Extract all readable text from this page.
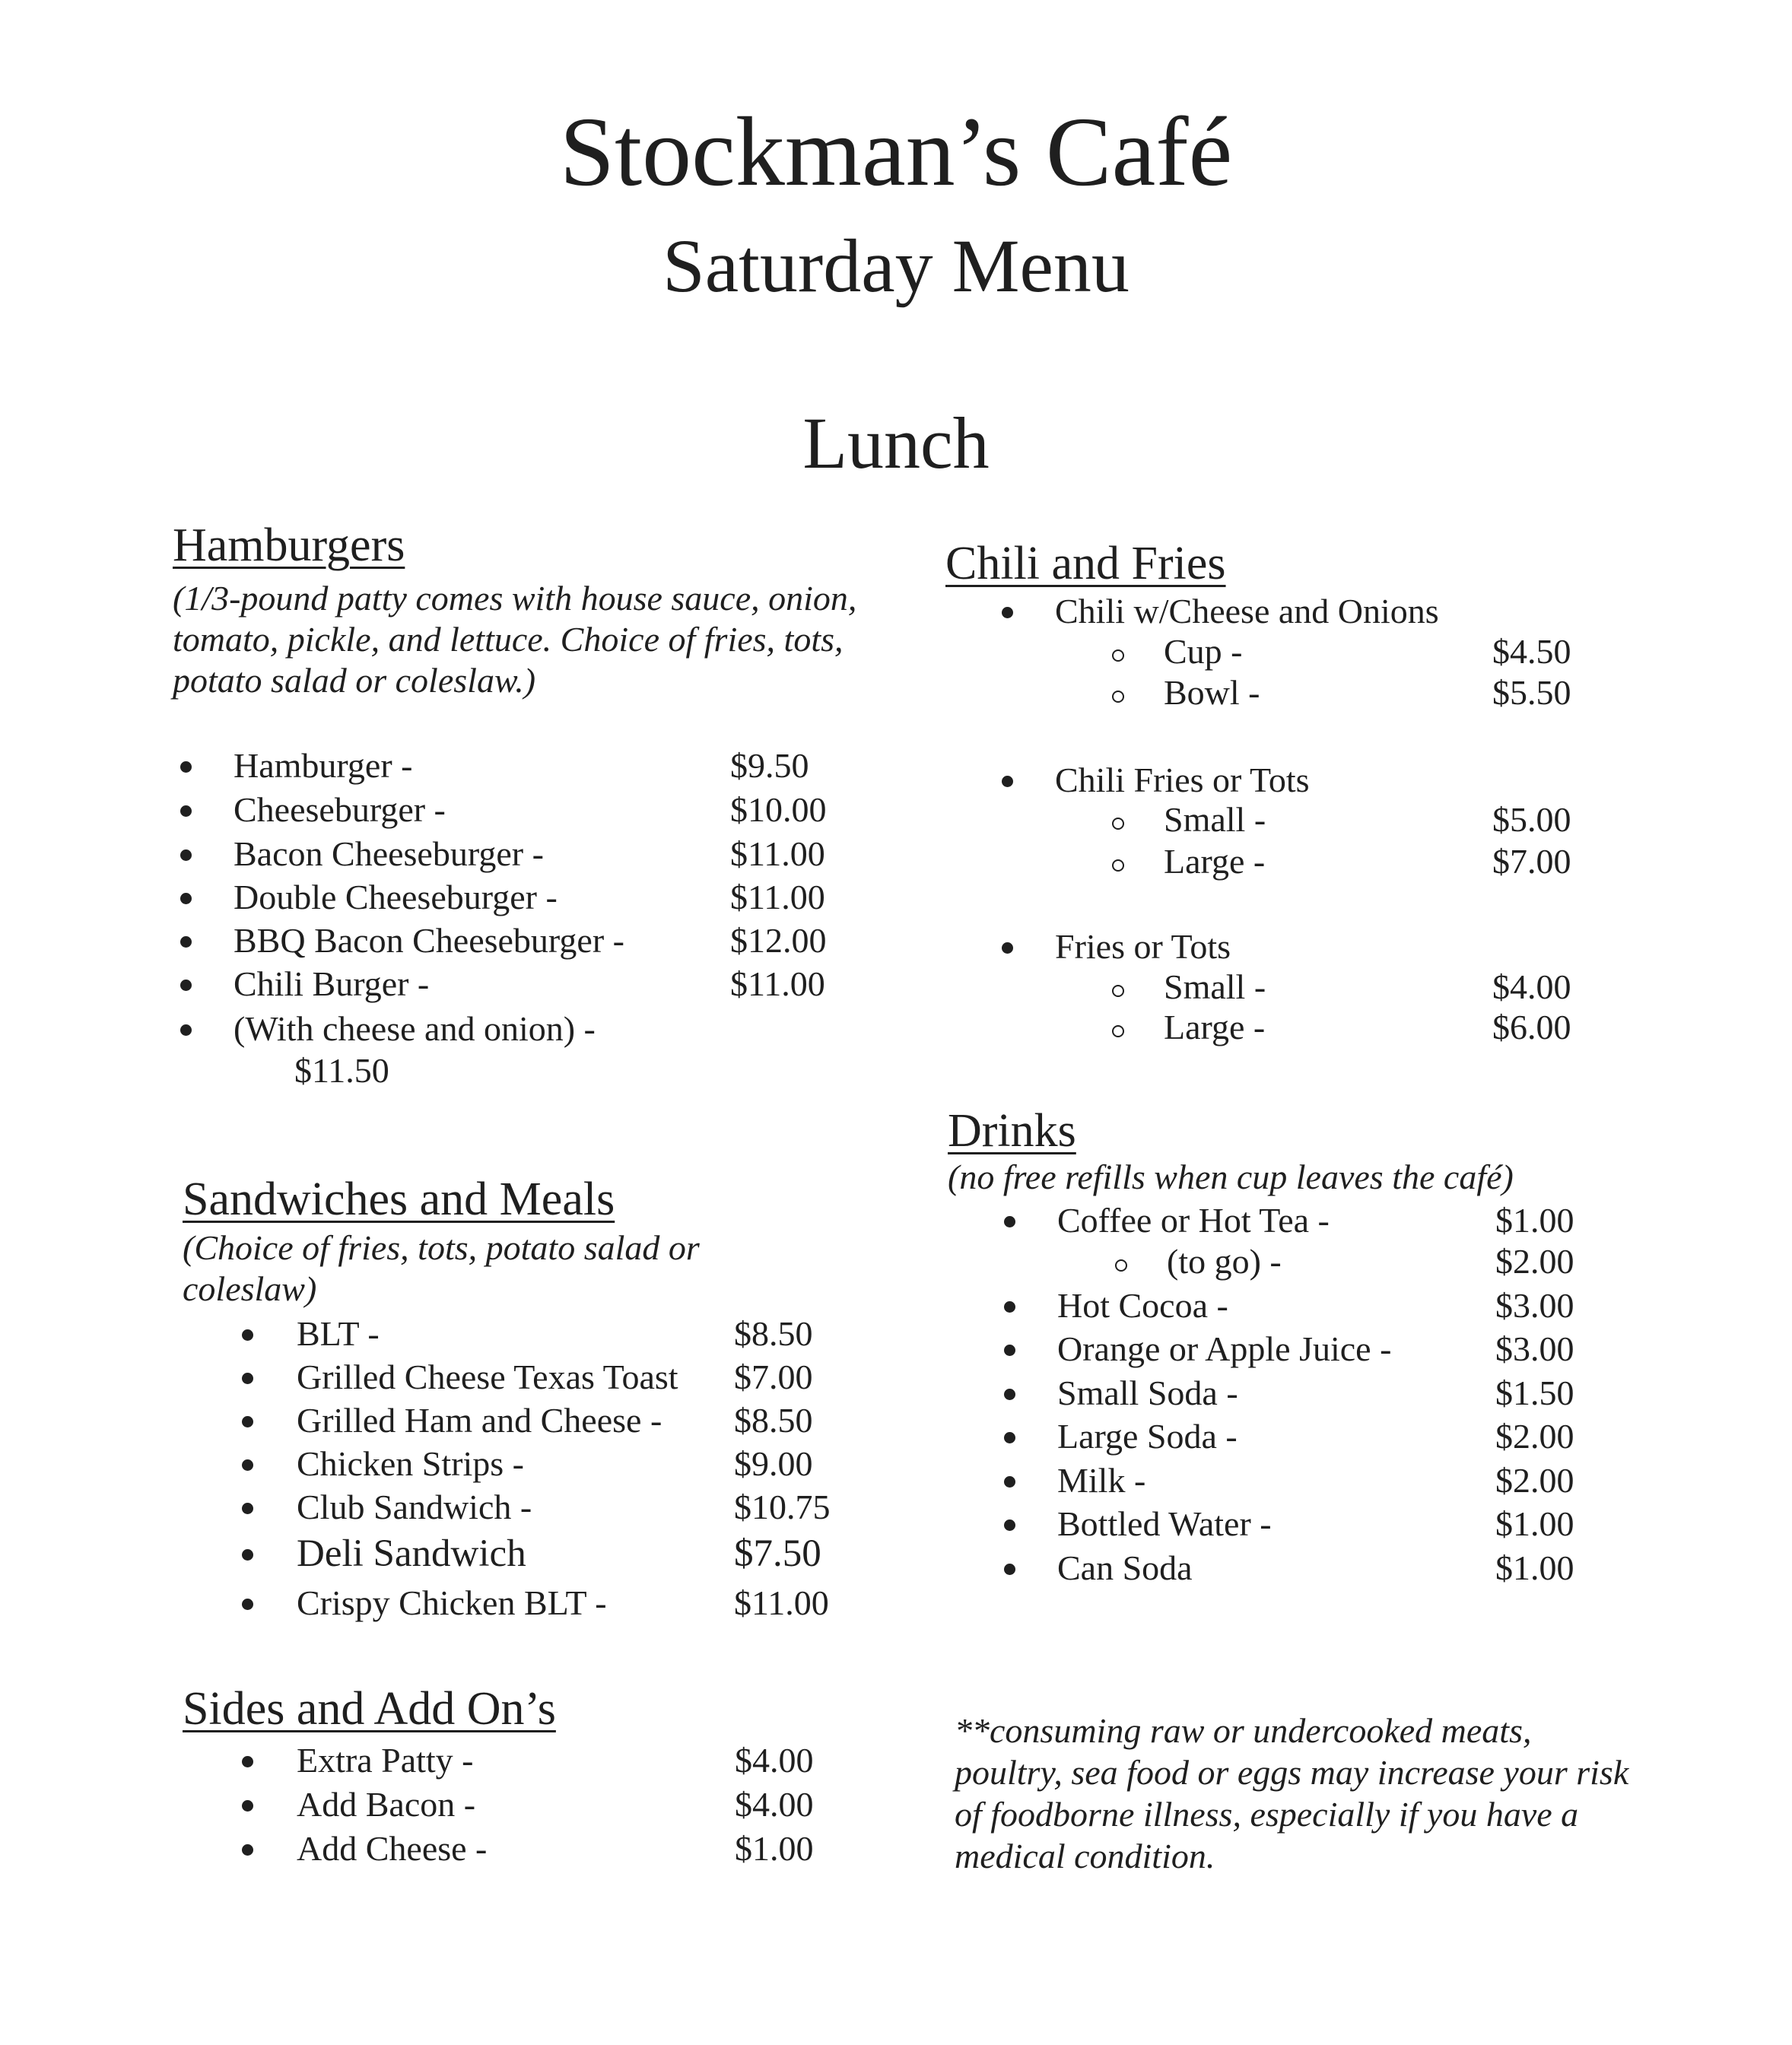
Stockman’s Café
Saturday Menu
Lunch
Hamburgers
(1/3-pound patty comes with house sauce, onion, tomato, pickle, and lettuce. Choice of fries, tots, potato salad or coleslaw.)
Hamburger -	$9.50
Cheeseburger -	$10.00
Bacon Cheeseburger -	$11.00
Double Cheeseburger -	$11.00
BBQ Bacon Cheeseburger -	$12.00
Chili Burger -	$11.00
(With cheese and onion) -
$11.50
Sandwiches and Meals
(Choice of fries, tots, potato salad or coleslaw)
BLT -	$8.50
Grilled Cheese Texas Toast $7.00
Grilled Ham and Cheese - $8.50
Chicken Strips -	$9.00
Club Sandwich -	$10.75
Deli Sandwich	$7.50
Crispy Chicken BLT -	$11.00
Sides and Add On’s
Extra Patty -	$4.00
Add Bacon -	$4.00
Add Cheese -	$1.00
Chili and Fries
Chili w/Cheese and Onions
Cup -	$4.50
Bowl -	$5.50
Chili Fries or Tots
Small -	$5.00
Large -	$7.00
Fries or Tots
Small -	$4.00
Large -	$6.00
Drinks
(no free refills when cup leaves the café)
Coffee or Hot Tea -	$1.00
(to go) -	$2.00
Hot Cocoa -	$3.00
Orange or Apple Juice -	$3.00
Small Soda -	$1.50
Large Soda -	$2.00
Milk -	$2.00
Bottled Water -	$1.00
Can Soda	$1.00
**consuming raw or undercooked meats, poultry, sea food or eggs may increase your risk of foodborne illness, especially if you have a medical condition.
